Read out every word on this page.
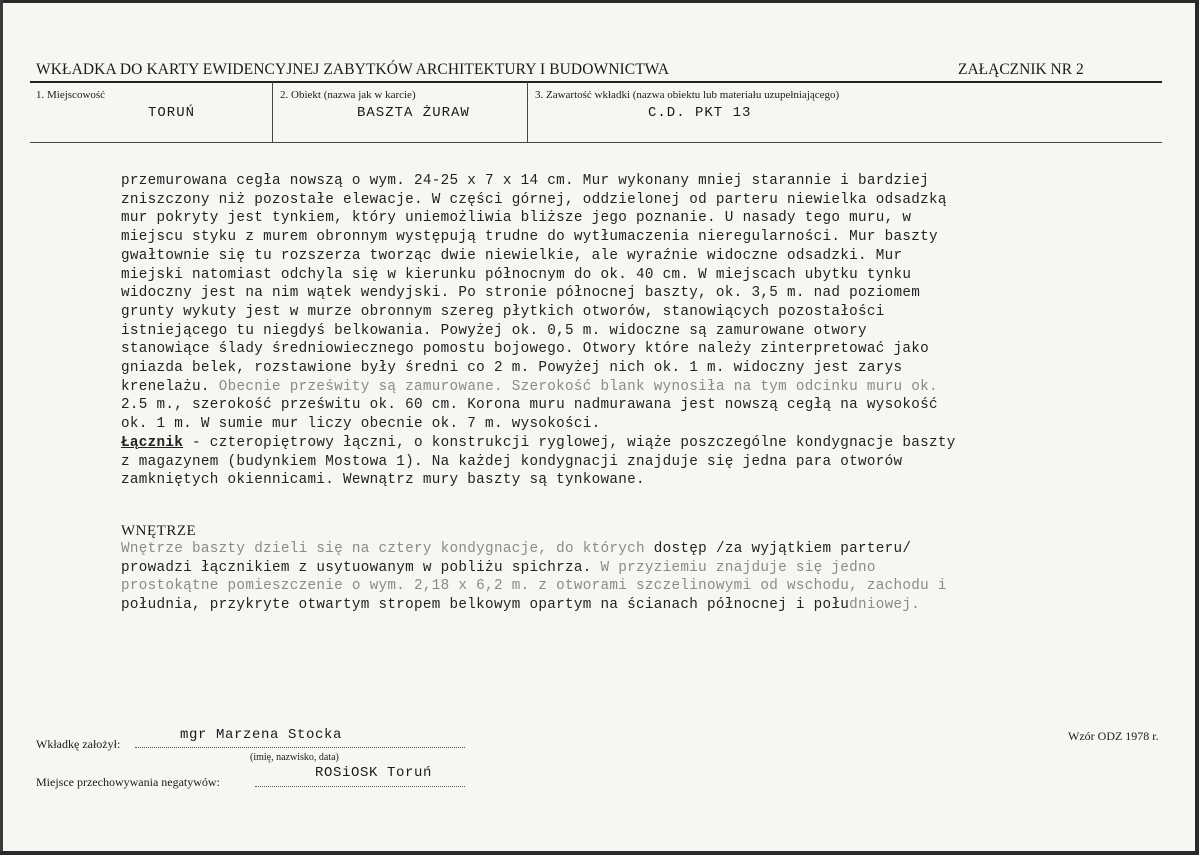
WKŁADKA DO KARTY EWIDENCYJNEJ ZABYTKÓW ARCHITEKTURY I BUDOWNICTWA	ZAŁĄCZNIK NR 2
1. Miejscowość
TORUŃ
2. Obiekt (nazwa jak w karcie)
BASZTA ŻURAW
3. Zawartość wkładki (nazwa obiektu lub materiału uzupełniającego)
C.D. PKT 13
przemurowana cegła nowszą o wym. 24-25 x 7 x 14 cm. Mur wykonany mniej starannie i bardziej
zniszczony niż pozostałe elewacje. W części górnej, oddzielonej od parteru niewielka odsadzką
mur pokryty jest tynkiem, który uniemożliwia bliższe jego poznanie. U nasady tego muru, w
miejscu styku z murem obronnym występują trudne do wytłumaczenia nieregularności. Mur baszty
gwałtownie się tu rozszerza tworząc dwie niewielkie, ale wyraźnie widoczne odsadzki. Mur
miejski natomiast odchyla się w kierunku północnym do ok. 40 cm. W miejscach ubytku tynku
widoczny jest na nim wątek wendyjski. Po stronie północnej baszty, ok. 3,5 m. nad poziomem
grunty wykuty jest w murze obronnym szereg płytkich otworów, stanowiących pozostałości
istniejącego tu niegdyś belkowania. Powyżej ok. 0,5 m. widoczne są zamurowane otwory
stanowiące ślady średniowiecznego pomostu bojowego. Otwory które należy zinterpretować jako
gniazda belek, rozstawione były średni co 2 m. Powyżej nich ok. 1 m. widoczny jest zarys
krenelażu. Obecnie prześwity są zamurowane. Szerokość blank wynosiła na tym odcinku muru ok.
2.5 m., szerokość prześwitu ok. 60 cm. Korona muru nadmurawana jest nowszą cegłą na wysokość
ok. 1 m. W sumie mur liczy obecnie ok. 7 m. wysokości.
Łącznik - czteropiętrowy łączni, o konstrukcji ryglowej, wiąże poszczególne kondygnacje baszty
z magazynem (budynkiem Mostowa 1). Na każdej kondygnacji znajduje się jedna para otworów
zamkniętych okiennicami. Wewnątrz mury baszty są tynkowane.
WNĘTRZE
Wnętrze baszty dzieli się na cztery kondygnacje, do których dostęp /za wyjątkiem parteru/
prowadzi łącznikiem z usytuowanym w pobliżu spichrza. W przyziemiu znajduje się jedno
prostokątne pomieszczenie o wym. 2,18 x 6,2 m. z otworami szczelinowymi od wschodu, zachodu i
południa, przykryte otwartym stropem belkowym opartym na ścianach północnej i południowej.
Wkładkę założył:
mgr Marzena Stocka
(imię, nazwisko, data)
Miejsce przechowywania negatywów:
ROSiOSK Toruń
Wzór ODZ 1978 r.
